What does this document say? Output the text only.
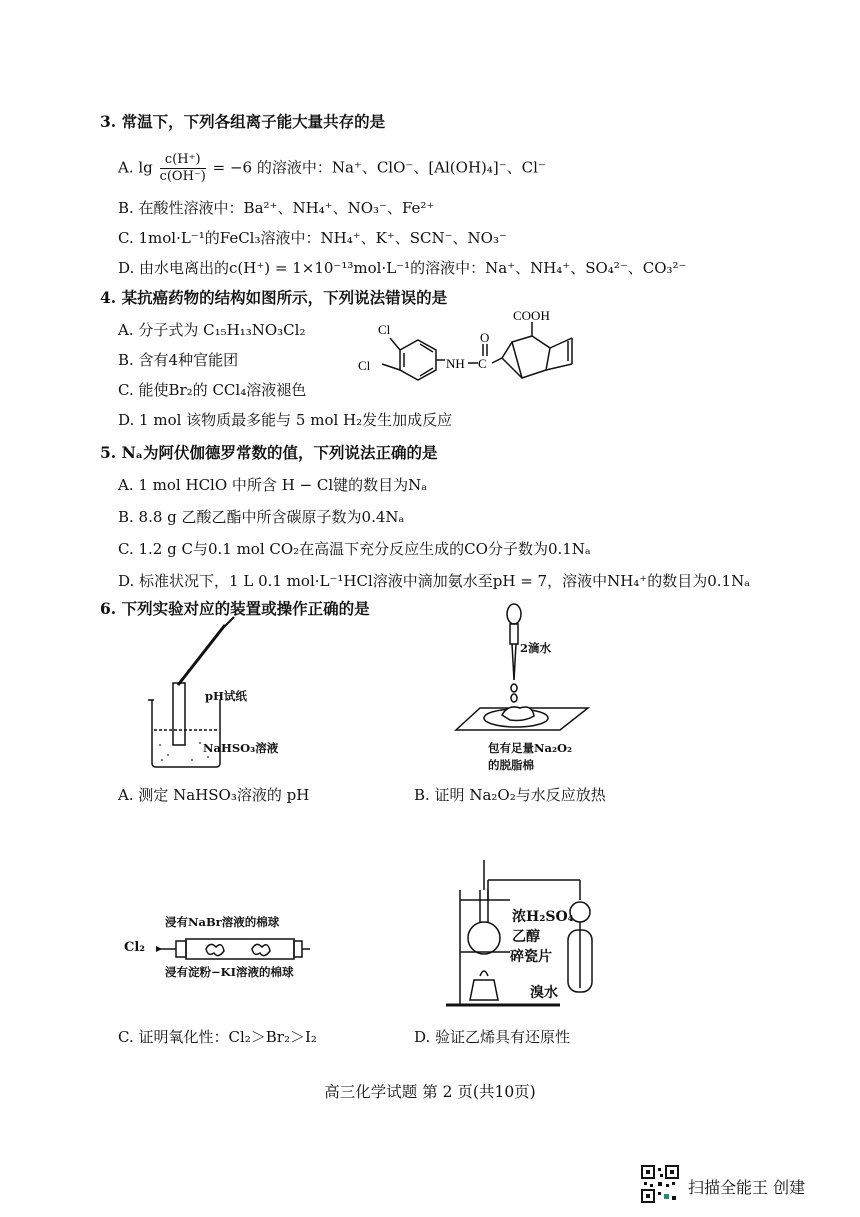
3. 常温下，下列各组离子能大量共存的是
A. $\lg \frac{c(H^+)}{c(OH^-)} = -6$ 的溶液中：Na⁺、ClO⁻、[Al(OH)₄]⁻、Cl⁻
B. 在酸性溶液中：Ba²⁺、NH₄⁺、NO₃⁻、Fe²⁺
C. 1mol·L⁻¹的FeCl₃溶液中：NH₄⁺、K⁺、SCN⁻、NO₃⁻
D. 由水电离出的c(H⁺) = 1×10⁻¹³mol·L⁻¹的溶液中：Na⁺、NH₄⁺、SO₄²⁻、CO₃²⁻
4. 某抗癌药物的结构如图所示，下列说法错误的是
A. 分子式为 C₁₅H₁₃NO₃Cl₂
B. 含有4种官能团
C. 能使Br₂的 CCl₄溶液褪色
D. 1 mol 该物质最多能与 5 mol H₂发生加成反应
Cl
Cl	NH C
O
COOH
5. Nₐ为阿伏伽德罗常数的值，下列说法正确的是
A. 1 mol HClO 中所含 H − Cl键的数目为Nₐ
B. 8.8 g 乙酸乙酯中所含碳原子数为0.4Nₐ
C. 1.2 g C与0.1 mol CO₂在高温下充分反应生成的CO分子数为0.1Nₐ
D. 标准状况下，1 L 0.1 mol·L⁻¹HCl溶液中滴加氨水至pH = 7，溶液中NH₄⁺的数目为0.1Nₐ
6. 下列实验对应的装置或操作正确的是
pH试纸
NaHSO₃溶液
A. 测定 NaHSO₃溶液的 pH
2滴水
包有足量Na₂O₂
的脱脂棉
B. 证明 Na₂O₂与水反应放热
浸有NaBr溶液的棉球
浸有淀粉−KI溶液的棉球
Cl₂
C. 证明氧化性：Cl₂＞Br₂＞I₂
浓H₂SO₄
乙醇
碎瓷片
溴水
D. 验证乙烯具有还原性
高三化学试题 第 2 页(共10页)
扫描全能王 创建
